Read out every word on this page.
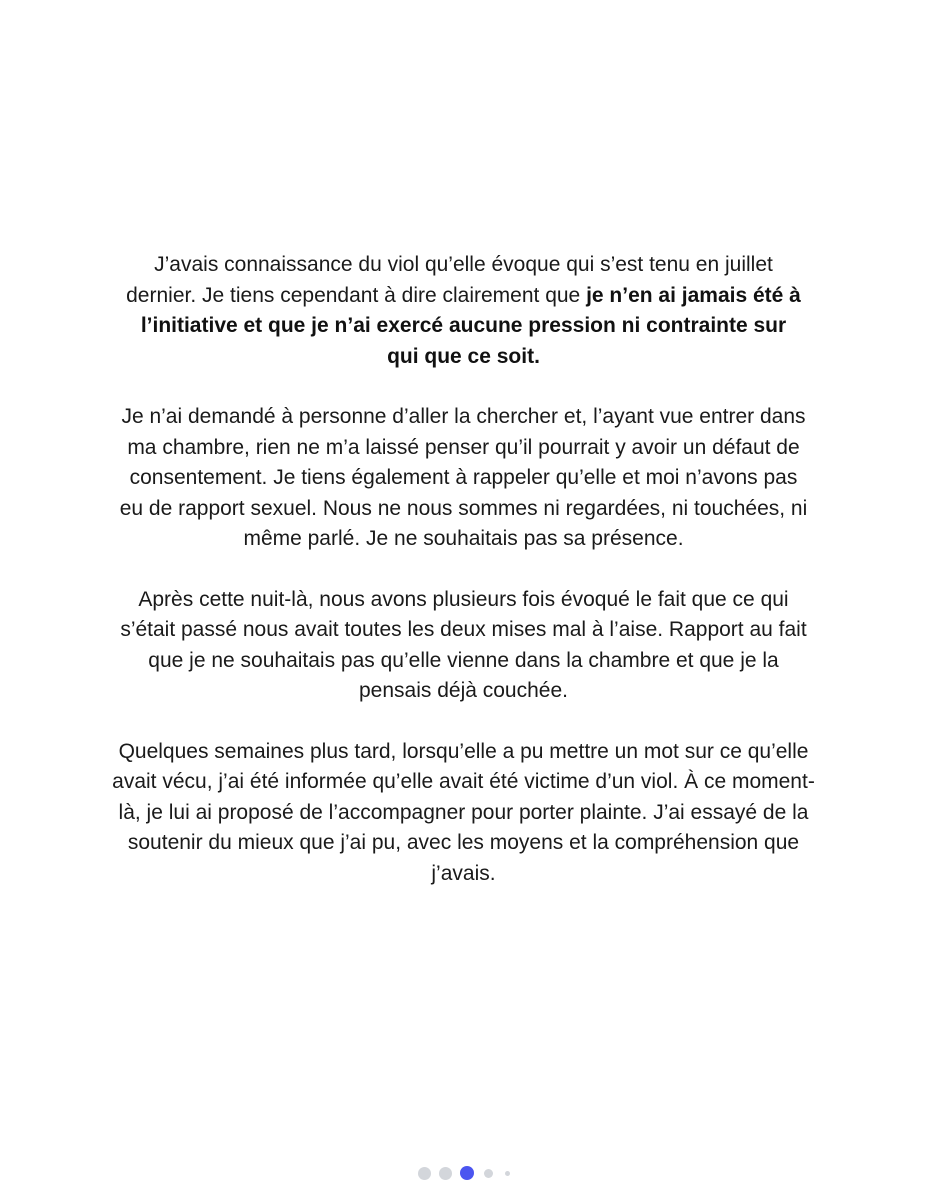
J’avais connaissance du viol qu’elle évoque qui s’est tenu en juillet dernier. Je tiens cependant à dire clairement que je n’en ai jamais été à l’initiative et que je n’ai exercé aucune pression ni contrainte sur qui que ce soit.

Je n’ai demandé à personne d’aller la chercher et, l’ayant vue entrer dans ma chambre, rien ne m’a laissé penser qu’il pourrait y avoir un défaut de consentement. Je tiens également à rappeler qu’elle et moi n’avons pas eu de rapport sexuel. Nous ne nous sommes ni regardées, ni touchées, ni même parlé. Je ne souhaitais pas sa présence.

Après cette nuit-là, nous avons plusieurs fois évoqué le fait que ce qui s’était passé nous avait toutes les deux mises mal à l’aise. Rapport au fait que je ne souhaitais pas qu’elle vienne dans la chambre et que je la pensais déjà couchée.

Quelques semaines plus tard, lorsqu’elle a pu mettre un mot sur ce qu’elle avait vécu, j’ai été informée qu’elle avait été victime d’un viol. À ce moment-là, je lui ai proposé de l’accompagner pour porter plainte. J’ai essayé de la soutenir du mieux que j’ai pu, avec les moyens et la compréhension que j’avais.
